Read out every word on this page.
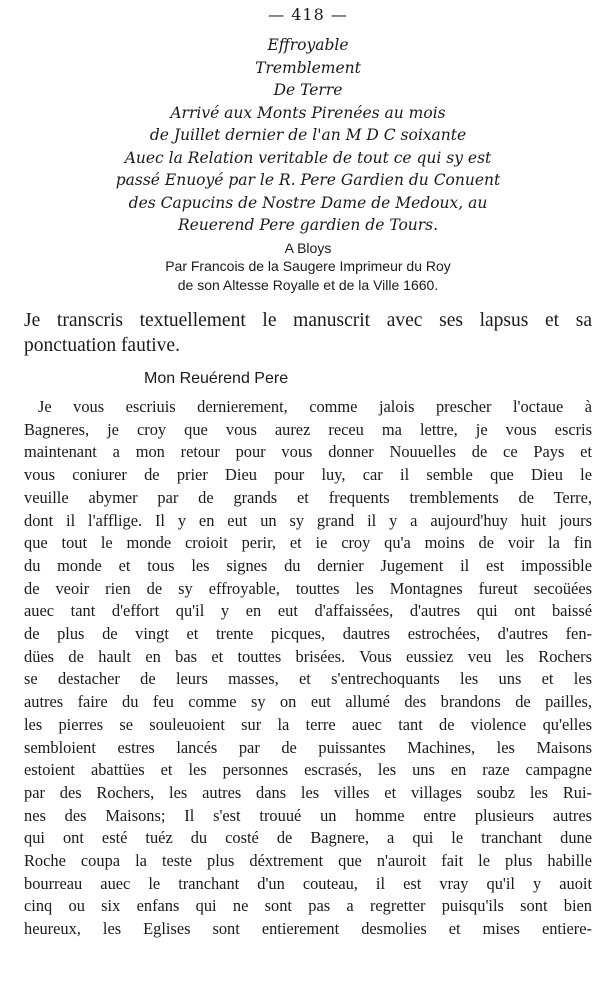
— 418 —
Effroyable
Tremblement
De Terre
Arrivé aux Monts Pirenées au mois
de Juillet dernier de l'an M D C soixante
Auec la Relation veritable de tout ce qui sy est
passé Enuoyé par le R. Pere Gardien du Conuent
des Capucins de Nostre Dame de Medoux, au
Reuerend Pere gardien de Tours.
A Bloys
Par Francois de la Saugere Imprimeur du Roy
de son Altesse Royalle et de la Ville 1660.
Je transcris textuellement le manuscrit avec ses lapsus et sa
ponctuation fautive.
Mon Reuérend Pere
Je vous escriuis dernierement, comme jalois prescher l'octaue à
Bagneres, je croy que vous aurez receu ma lettre, je vous escris
maintenant a mon retour pour vous donner Nouuelles de ce Pays et
vous coniurer de prier Dieu pour luy, car il semble que Dieu le
veuille abymer par de grands et frequents tremblements de Terre,
dont il l'afflige. Il y en eut un sy grand il y a aujourd'huy huit jours
que tout le monde croioit perir, et ie croy qu'a moins de voir la fin
du monde et tous les signes du dernier Jugement il est impossible
de veoir rien de sy effroyable, touttes les Montagnes fureut secoüées
auec tant d'effort qu'il y en eut d'affaissées, d'autres qui ont baissé
de plus de vingt et trente picques, dautres estrochées, d'autres fen-
dües de hault en bas et touttes brisées. Vous eussiez veu les Rochers
se destacher de leurs masses, et s'entrechoquants les uns et les
autres faire du feu comme sy on eut allumé des brandons de pailles,
les pierres se souleuoient sur la terre auec tant de violence qu'elles
sembloient estres lancés par de puissantes Machines, les Maisons
estoient abattües et les personnes escrasés, les uns en raze campagne
par des Rochers, les autres dans les villes et villages soubz les Rui-
nes des Maisons; Il s'est trouué un homme entre plusieurs autres
qui ont esté tuéz du costé de Bagnere, a qui le tranchant dune
Roche coupa la teste plus déxtrement que n'auroit fait le plus habille
bourreau auec le tranchant d'un couteau, il est vray qu'il y auoit
cinq ou six enfans qui ne sont pas a regretter puisqu'ils sont bien
heureux, les Eglises sont entierement desmolies et mises entiere-
